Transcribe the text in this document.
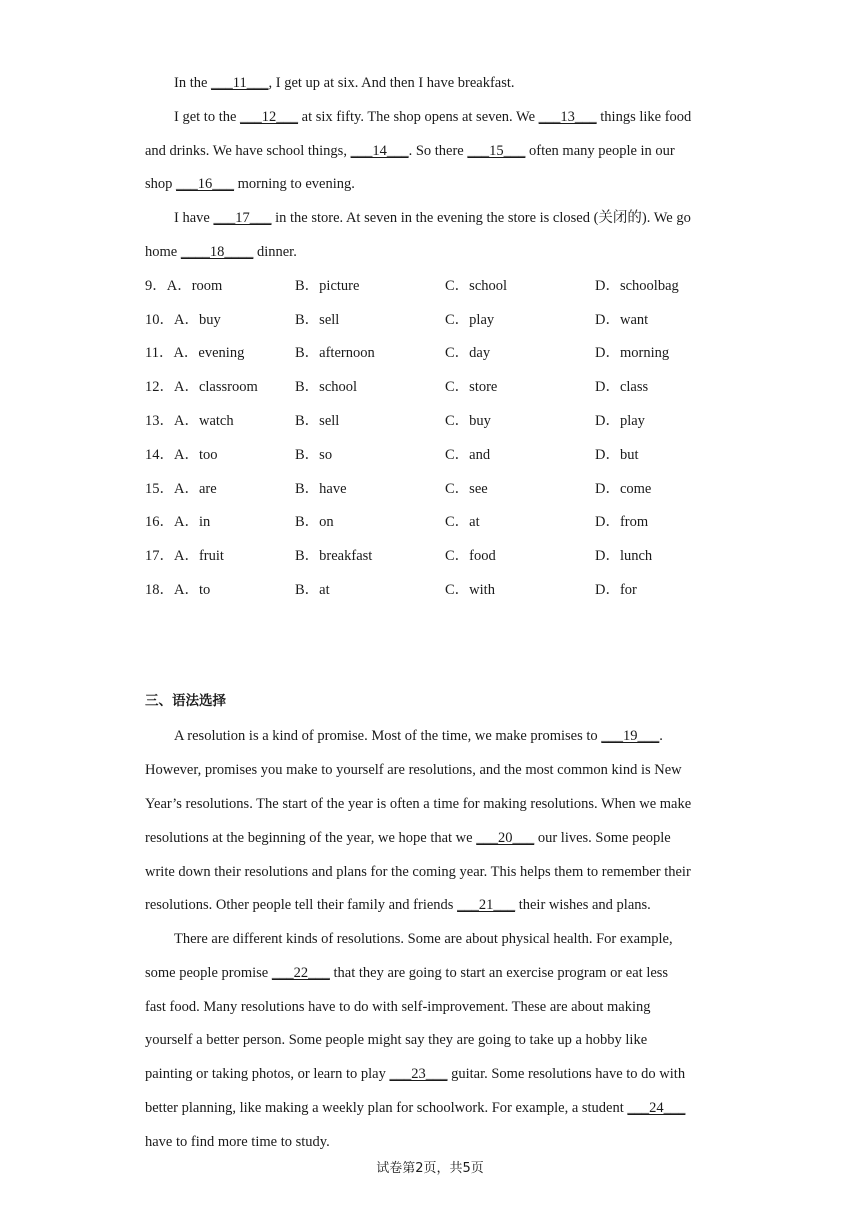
In the ___11___, I get up at six. And then I have breakfast.
I get to the ___12___ at six fifty. The shop opens at seven. We ___13___ things like food
and drinks. We have school things, ___14___. So there ___15___ often many people in our
shop ___16___ morning to evening.
I have ___17___ in the store. At seven in the evening the store is closed (关闭的). We go
home ____18____ dinner.
9．A．room	B．picture	C．school	D．schoolbag
10．A．buy	B．sell	C．play	D．want
11．A．evening	B．afternoon	C．day	D．morning
12．A．classroom	B．school	C．store	D．class
13．A．watch	B．sell	C．buy	D．play
14．A．too	B．so	C．and	D．but
15．A．are	B．have	C．see	D．come
16．A．in	B．on	C．at	D．from
17．A．fruit	B．breakfast	C．food	D．lunch
18．A．to	B．at	C．with	D．for
三、语法选择
A resolution is a kind of promise. Most of the time, we make promises to ___19___.
However, promises you make to yourself are resolutions, and the most common kind is New
Year’s resolutions. The start of the year is often a time for making resolutions. When we make
resolutions at the beginning of the year, we hope that we ___20___ our lives. Some people
write down their resolutions and plans for the coming year. This helps them to remember their
resolutions. Other people tell their family and friends ___21___ their wishes and plans.
There are different kinds of resolutions. Some are about physical health. For example,
some people promise ___22___ that they are going to start an exercise program or eat less
fast food. Many resolutions have to do with self-improvement. These are about making
yourself a better person. Some people might say they are going to take up a hobby like
painting or taking photos, or learn to play ___23___ guitar. Some resolutions have to do with
better planning, like making a weekly plan for schoolwork. For example, a student ___24___
have to find more time to study.
试卷第2页，共5页
